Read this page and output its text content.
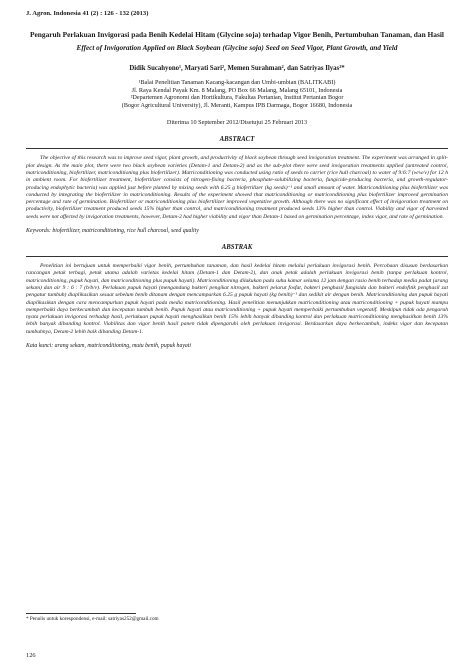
J. Agron. Indonesia 41 (2) : 126 - 132 (2013)
Pengaruh Perlakuan Invigorasi pada Benih Kedelai Hitam (Glycine soja) terhadap Vigor Benih, Pertumbuhan Tanaman, dan Hasil
Effect of Invigoration Applied on Black Soybean (Glycine soja) Seed on Seed Vigor, Plant Growth, and Yield
Didik Sucahyono¹, Maryati Sari², Memen Surahman², dan Satriyas Ilyas²*
¹Balai Penelitian Tanaman Kacang-kacangan dan Umbi-umbian (BALITKABI)
Jl. Raya Kendal Payak Km. 8 Malang, PO Box 66 Malang, Malang 65101, Indonesia
²Departemen Agronomi dan Hortikultura, Fakultas Pertanian, Institut Pertanian Bogor
(Bogor Agricultural University), Jl. Meranti, Kampus IPB Darmaga, Bogor 16680, Indonesia
Diterima 10 September 2012/Disetujui 25 Februari 2013
ABSTRACT
The objective of this research was to improve seed vigor, plant growth, and productivity of black soybean through seed invigoration treatment. The experiment was arranged in split-plot design. As the main plot, there were two black soybean varieties (Detam-1 and Detam-2) and as the sub-plot there were seed invigoration treatments applied (untreated control, matriconditioning, biofertilizer, matriconditioning plus biofertilizer). Matriconditioning was conducted using ratio of seeds to carrier (rice hull charcoal) to water of 9:6:7 (w/w/v) for 12 h in ambient room. For biofertilizer treatment, biofertilizer consists of nitrogen-fixing bacteria, phosphate-solubilizing bacteria, fungicide-producing bacteria, and growth-regulator-producing endophytic bacteria) was applied just before planted by mixing seeds with 6.25 g biofertilizer (kg seeds)⁻¹ and small amount of water. Matriconditioning plus biofertilizer was conducted by integrating the biofertilizer in matriconditioning. Results of the experiment showed that matriconditioning or matriconditioning plus biofertilizer improved germination percentage and rate of germination. Biofertilizer or matriconditioning plus biofertilizer improved vegetative growth. Although there was no significant effect of invigoration treatment on productivity, biofertilizer treatment produced seeds 15% higher than control, and matriconditioning treatment produced seeds 13% higher than control. Viability and vigor of harvested seeds were not affected by invigoration treatments, however, Detam-2 had higher viability and vigor than Detam-1 based on germination percentage, index vigor, and rate of germination.
Keywords: biofertilizer, matriconditioning, rice hull charcoal, seed quality
ABSTRAK
Penelitian ini bertujuan untuk memperbaiki vigor benih, pertumbuhan tanaman, dan hasil kedelai hitam melalui perlakuan invigorasi benih. Percobaan disusun berdasarkan rancangan petak terbagi, petak utama adalah varietas kedelai hitam (Detam-1 dan Detam-2), dan anak petak adalah perlakuan invigorasi benih (tanpa perlakuan kontrol, matriconditioning, pupuk hayati, dan matriconditioning plus pupuk hayati). Matriconditioning dilakukan pada suhu kamar selama 12 jam dengan rasio benih terhadap media padat (arang sekam) dan air 9 : 6 : 7 (b/b/v). Perlakuan pupuk hayati (mengandung bakteri pengikat nitrogen, bakteri pelarut fosfat, bakteri penghasil fungisida dan bakteri endofitik penghasil zat pengatur tumbuh) diaplikasikan sesaat sebelum benih ditanam dengan mencampurkan 6.25 g pupuk hayati (kg benih)⁻¹ dan sedikit air dengan benih. Matriconditioning dan pupuk hayati diaplikasikan dengan cara mencampurkan pupuk hayati pada media matriconditioning. Hasil penelitian menunjukkan matriconditioning atau matriconditioning + pupuk hayati mampu memperbaiki daya berkecambah dan kecepatan tumbuh benih. Pupuk hayati atau matriconditioning + pupuk hayati memperbaiki pertumbuhan vegetatif. Meskipun tidak ada pengaruh nyata perlakuan invigorasi terhadap hasil, perlakuan pupuk hayati menghasilkan benih 15% lebih banyak dibanding kontrol dan perlakuan matriconditioning menghasilkan benih 13% lebih banyak dibanding kontrol. Viabilitas dan vigor benih hasil panen tidak dipengaruhi oleh perlakuan invigorasi. Berdasarkan daya berkecambah, indeks vigor dan kecepatan tumbuhnya, Detam-2 lebih baik dibanding Detam-1.
Kata kunci: arang sekam, matriconditioning, mutu benih, pupuk hayati
* Penulis untuk korespondensi, e-mail: satriyas252@gmail.com
126
